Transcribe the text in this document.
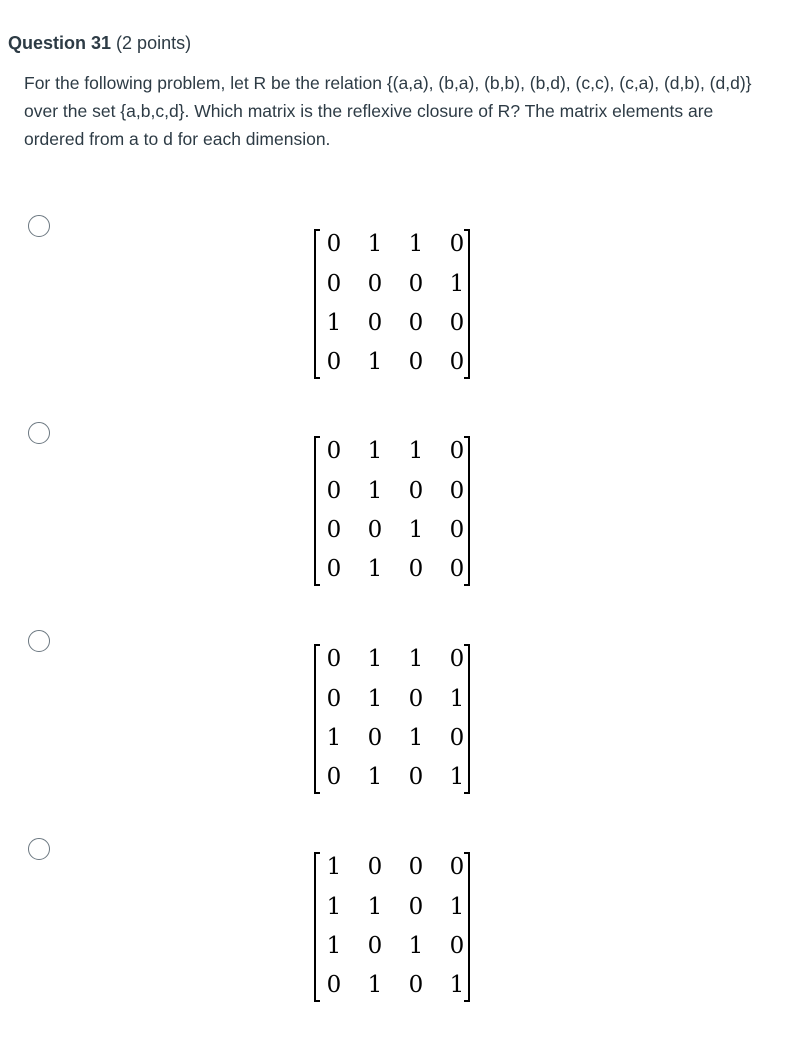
Question 31 (2 points)
For the following problem, let R be the relation {(a,a), (b,a), (b,b), (b,d), (c,c), (c,a), (d,b), (d,d)} over the set {a,b,c,d}. Which matrix is the reflexive closure of R? The matrix elements are ordered from a to d for each dimension.
0 1 1 0
0 0 0 1
1 0 0 0
0 1 0 0
0 1 1 0
0 1 0 0
0 0 1 0
0 1 0 0
0 1 1 0
0 1 0 1
1 0 1 0
0 1 0 1
1 0 0 0
1 1 0 1
1 0 1 0
0 1 0 1
